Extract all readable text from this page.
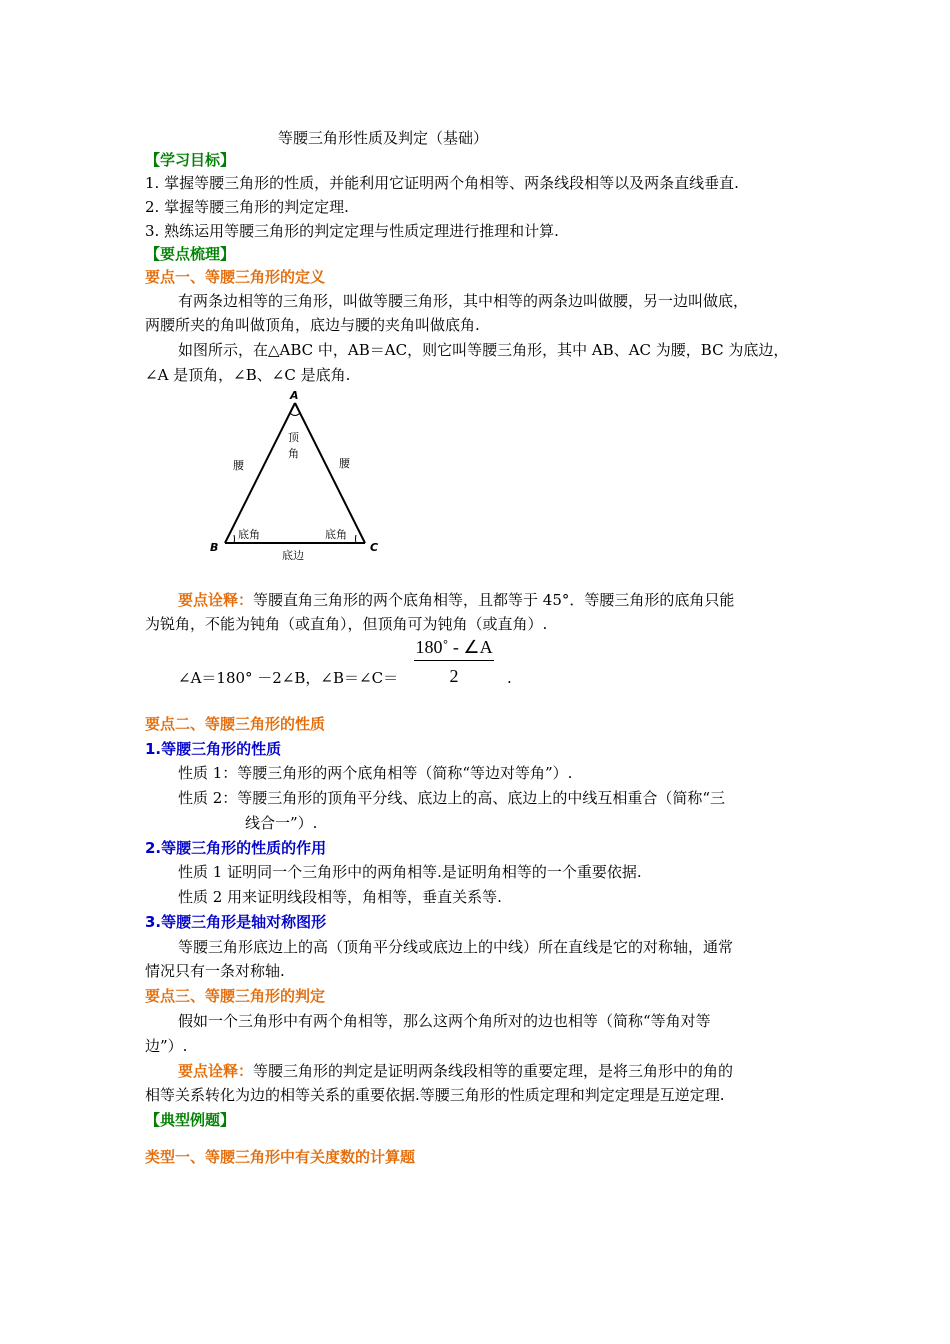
等腰三角形性质及判定（基础）
【学习目标】
1. 掌握等腰三角形的性质，并能利用它证明两个角相等、两条线段相等以及两条直线垂直.
2. 掌握等腰三角形的判定定理.
3. 熟练运用等腰三角形的判定定理与性质定理进行推理和计算.
【要点梳理】
要点一、等腰三角形的定义
有两条边相等的三角形，叫做等腰三角形，其中相等的两条边叫做腰，另一边叫做底，
两腰所夹的角叫做顶角，底边与腰的夹角叫做底角.
如图所示，在△ABC 中，AB＝AC，则它叫等腰三角形，其中 AB、AC 为腰，BC 为底边，
∠A 是顶角，∠B、∠C 是底角.
A
B	C
顶
角
腰	腰
底角	底角
底边
要点诠释：等腰直角三角形的两个底角相等，且都等于 45°．等腰三角形的底角只能
为锐角，不能为钝角（或直角），但顶角可为钝角（或直角）.
∠A＝180° －2∠B，∠B＝∠C＝
180˚ - ∠A
2	.
要点二、等腰三角形的性质
1.等腰三角形的性质
性质 1：等腰三角形的两个底角相等（简称“等边对等角”）.
性质 2：等腰三角形的顶角平分线、底边上的高、底边上的中线互相重合（简称“三
线合一”）.
2.等腰三角形的性质的作用
性质 1 证明同一个三角形中的两角相等.是证明角相等的一个重要依据.
性质 2 用来证明线段相等，角相等，垂直关系等.
3.等腰三角形是轴对称图形
等腰三角形底边上的高（顶角平分线或底边上的中线）所在直线是它的对称轴，通常
情况只有一条对称轴.
要点三、等腰三角形的判定
假如一个三角形中有两个角相等，那么这两个角所对的边也相等（简称“等角对等
边”）.
要点诠释：等腰三角形的判定是证明两条线段相等的重要定理，是将三角形中的角的
相等关系转化为边的相等关系的重要依据.等腰三角形的性质定理和判定定理是互逆定理.
【典型例题】
类型一、等腰三角形中有关度数的计算题
